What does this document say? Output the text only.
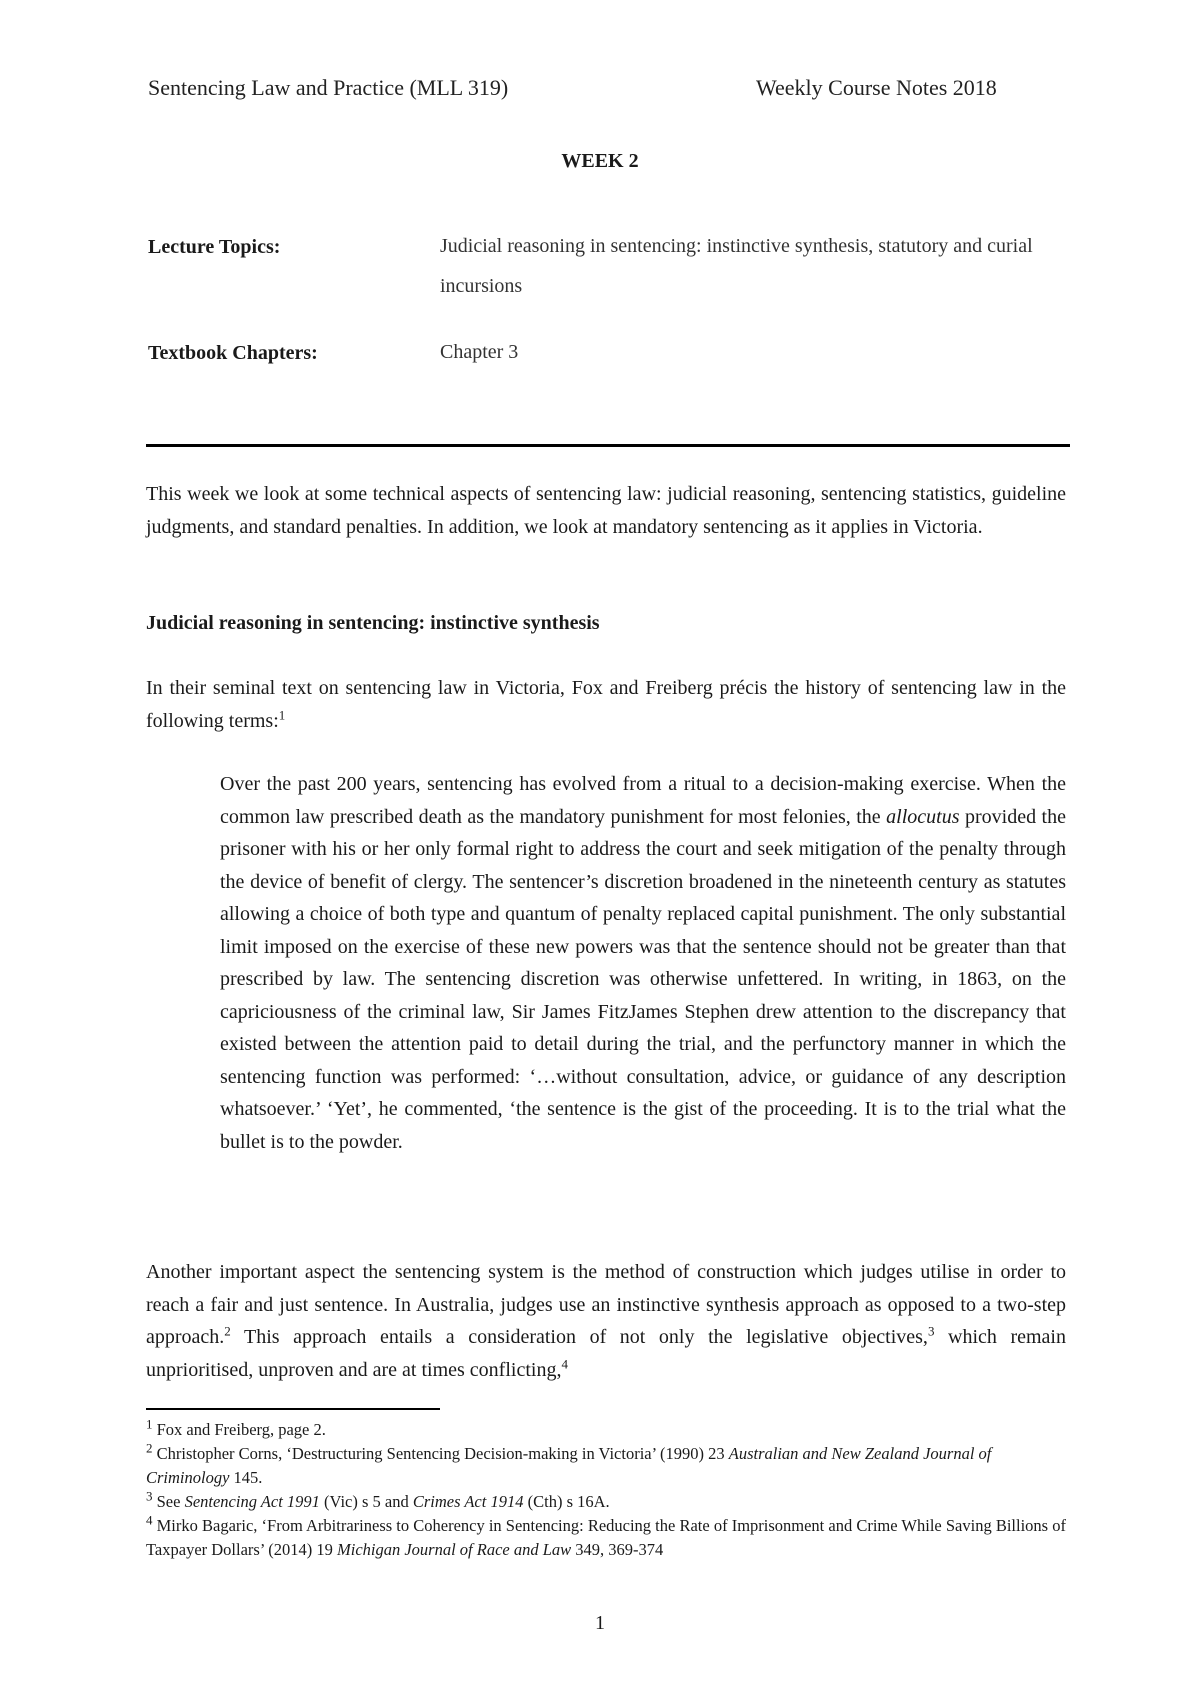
Sentencing Law and Practice (MLL 319)	Weekly Course Notes 2018
WEEK 2
Lecture Topics:	Judicial reasoning in sentencing: instinctive synthesis, statutory and curial incursions
Textbook Chapters:	Chapter 3
This week we look at some technical aspects of sentencing law: judicial reasoning, sentencing statistics, guideline judgments, and standard penalties. In addition, we look at mandatory sentencing as it applies in Victoria.
Judicial reasoning in sentencing: instinctive synthesis
In their seminal text on sentencing law in Victoria, Fox and Freiberg précis the history of sentencing law in the following terms:$^1$
Over the past 200 years, sentencing has evolved from a ritual to a decision-making exercise. When the common law prescribed death as the mandatory punishment for most felonies, the allocutus provided the prisoner with his or her only formal right to address the court and seek mitigation of the penalty through the device of benefit of clergy. The sentencer’s discretion broadened in the nineteenth century as statutes allowing a choice of both type and quantum of penalty replaced capital punishment. The only substantial limit imposed on the exercise of these new powers was that the sentence should not be greater than that prescribed by law. The sentencing discretion was otherwise unfettered. In writing, in 1863, on the capriciousness of the criminal law, Sir James FitzJames Stephen drew attention to the discrepancy that existed between the attention paid to detail during the trial, and the perfunctory manner in which the sentencing function was performed: ‘…without consultation, advice, or guidance of any description whatsoever.’ ‘Yet’, he commented, ‘the sentence is the gist of the proceeding. It is to the trial what the bullet is to the powder.
Another important aspect the sentencing system is the method of construction which judges utilise in order to reach a fair and just sentence. In Australia, judges use an instinctive synthesis approach as opposed to a two-step approach.$^2$ This approach entails a consideration of not only the legislative objectives,$^3$ which remain unprioritised, unproven and are at times conflicting,$^4$

$^1$ Fox and Freiberg, page 2.

$^2$ Christopher Corns, ‘Destructuring Sentencing Decision-making in Victoria’ (1990) 23 Australian and New Zealand Journal of Criminology 145.

$^3$ See Sentencing Act 1991 (Vic) s 5 and Crimes Act 1914 (Cth) s 16A.

$^4$ Mirko Bagaric, ‘From Arbitrariness to Coherency in Sentencing: Reducing the Rate of Imprisonment and Crime While Saving Billions of Taxpayer Dollars’ (2014) 19 Michigan Journal of Race and Law 349, 369-374

1
